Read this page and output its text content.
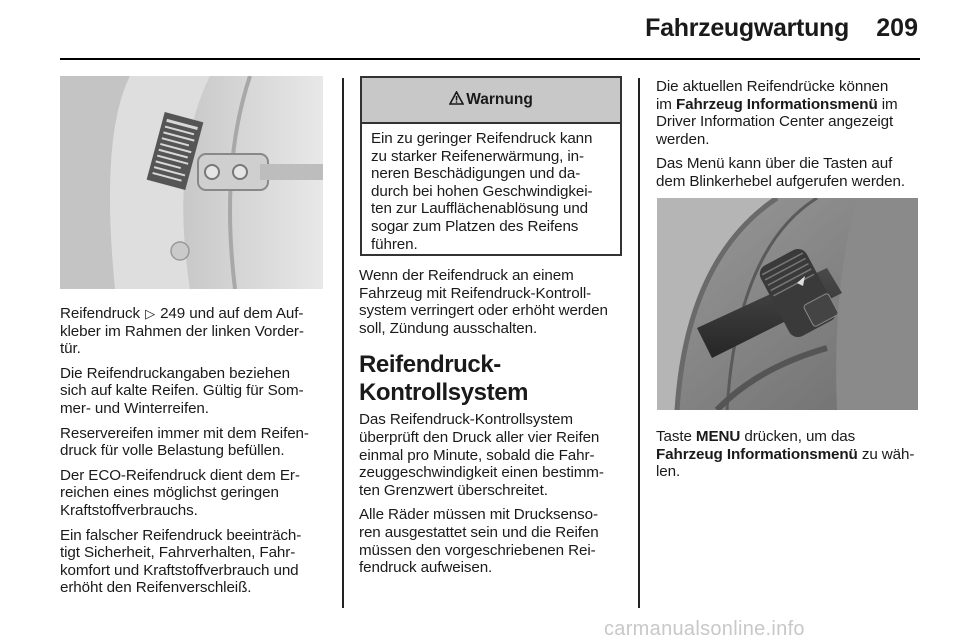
Fahrzeugwartung	209
Reifendruck ▷ 249 und auf dem Auf-
kleber im Rahmen der linken Vorder-
tür.
Die Reifendruckangaben beziehen
sich auf kalte Reifen. Gültig für Som-
mer- und Winterreifen.
Reservereifen immer mit dem Reifen-
druck für volle Belastung befüllen.
Der ECO-Reifendruck dient dem Er-
reichen eines möglichst geringen
Kraftstoffverbrauchs.
Ein falscher Reifendruck beeinträch-
tigt Sicherheit, Fahrverhalten, Fahr-
komfort und Kraftstoffverbrauch und
erhöht den Reifenverschleiß.
Warnung
Ein zu geringer Reifendruck kann
zu starker Reifenerwärmung, in-
neren Beschädigungen und da-
durch bei hohen Geschwindigkei-
ten zur Laufflächenablösung und
sogar zum Platzen des Reifens
führen.
Wenn der Reifendruck an einem
Fahrzeug mit Reifendruck-Kontroll-
system verringert oder erhöht werden
soll, Zündung ausschalten.
Reifendruck-
Kontrollsystem
Das Reifendruck-Kontrollsystem
überprüft den Druck aller vier Reifen
einmal pro Minute, sobald die Fahr-
zeuggeschwindigkeit einen bestimm-
ten Grenzwert überschreitet.
Alle Räder müssen mit Drucksenso-
ren ausgestattet sein und die Reifen
müssen den vorgeschriebenen Rei-
fendruck aufweisen.
Die aktuellen Reifendrücke können
im Fahrzeug Informationsmenü im
Driver Information Center angezeigt
werden.
Das Menü kann über die Tasten auf
dem Blinkerhebel aufgerufen werden.
Taste MENU drücken, um das
Fahrzeug Informationsmenü zu wäh-
len.
carmanualsonline.info
